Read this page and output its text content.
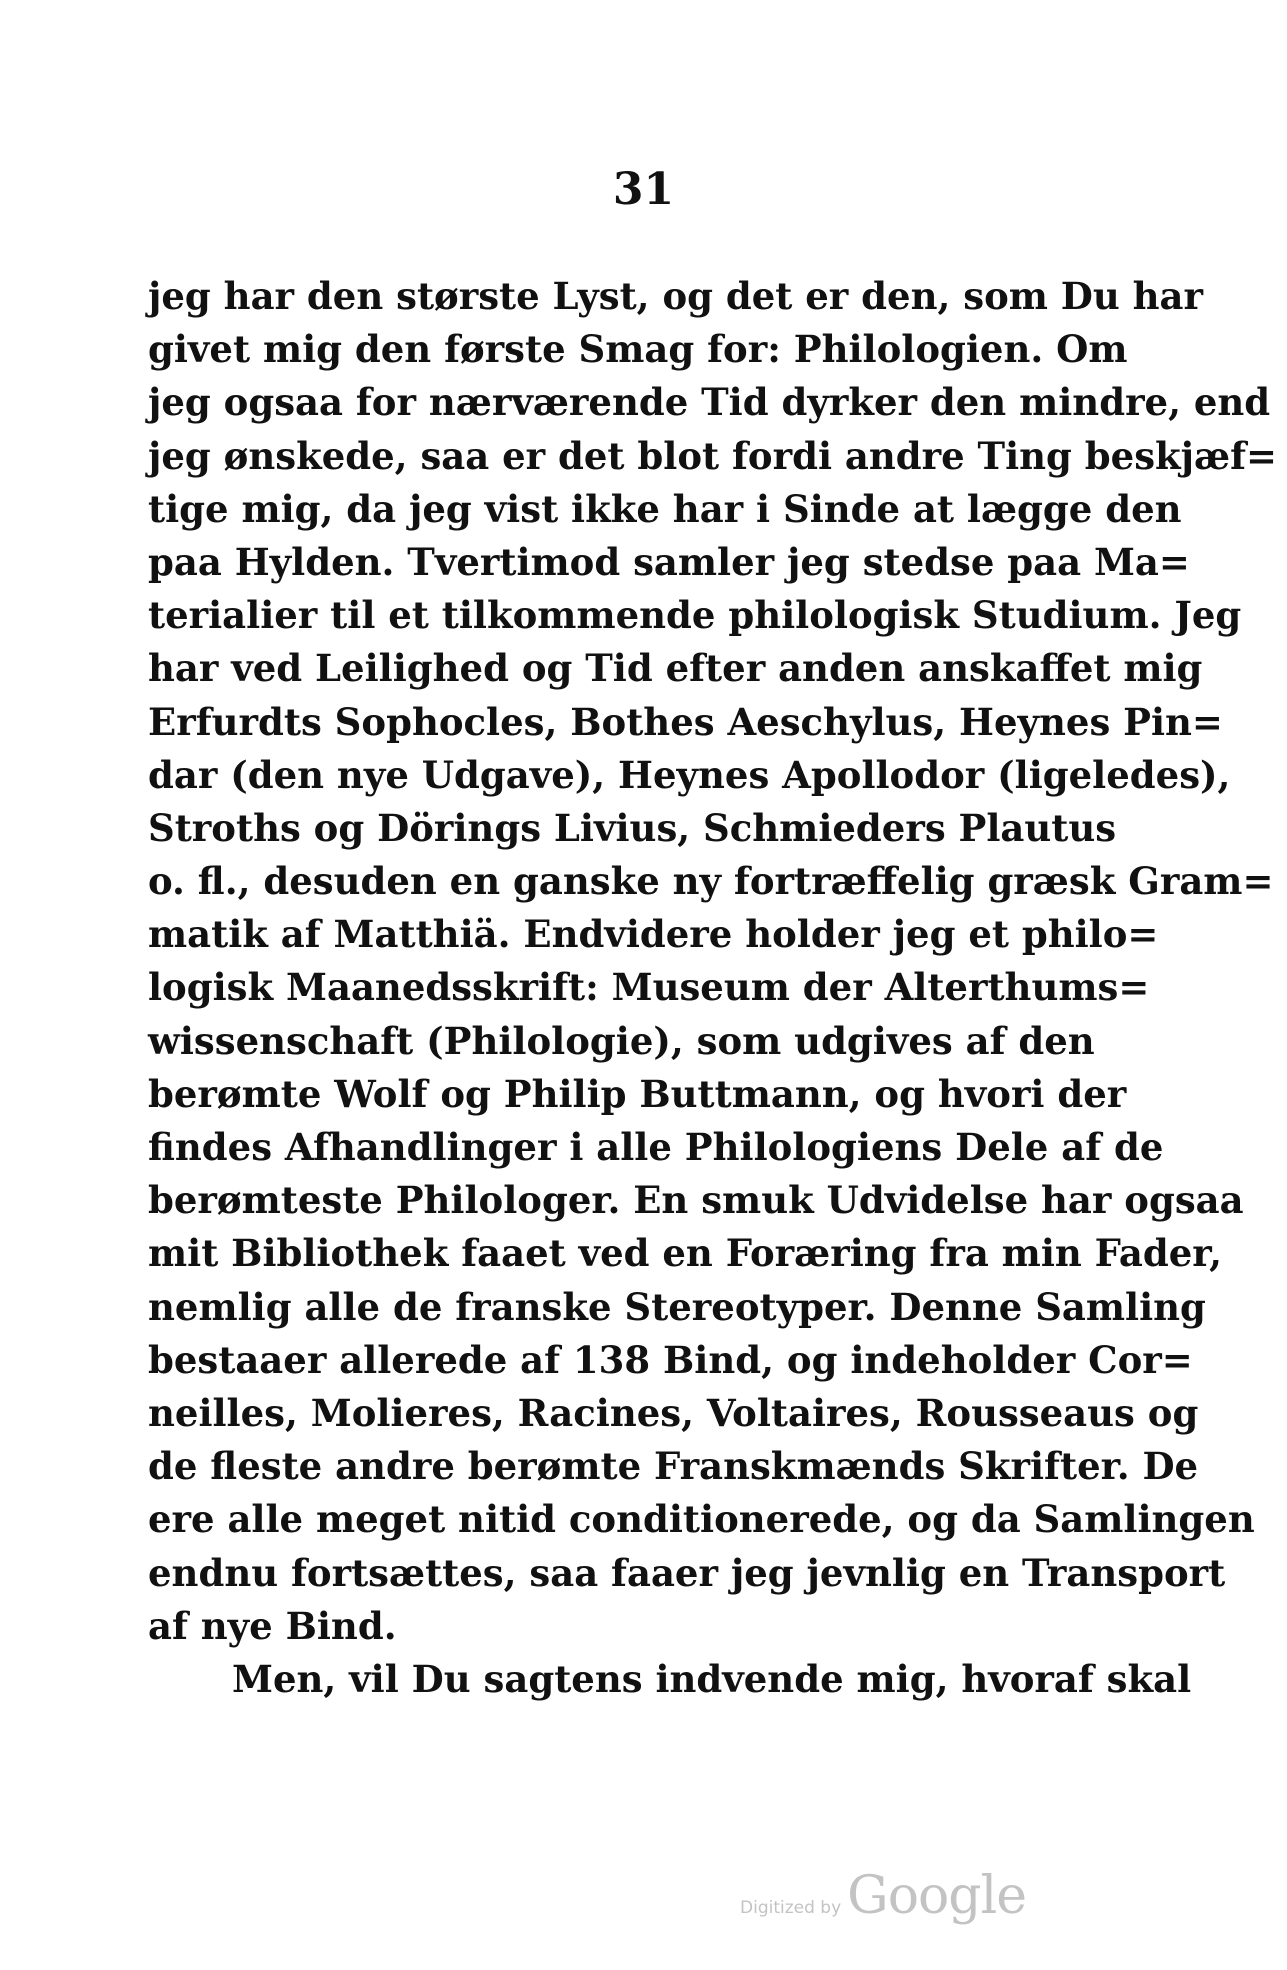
31
jeg har den største Lyst, og det er den, som Du har
givet mig den første Smag for: Philologien. Om
jeg ogsaa for nærværende Tid dyrker den mindre, end
jeg ønskede, saa er det blot fordi andre Ting beskjæf=
tige mig, da jeg vist ikke har i Sinde at lægge den
paa Hylden. Tvertimod samler jeg stedse paa Ma=
terialier til et tilkommende philologisk Studium. Jeg
har ved Leilighed og Tid efter anden anskaffet mig
Erfurdts Sophocles, Bothes Aeschylus, Heynes Pin=
dar (den nye Udgave), Heynes Apollodor (ligeledes),
Stroths og Dörings Livius, Schmieders Plautus
o. fl., desuden en ganske ny fortræffelig græsk Gram=
matik af Matthiä. Endvidere holder jeg et philo=
logisk Maanedsskrift: Museum der Alterthums=
wissenschaft (Philologie), som udgives af den
berømte Wolf og Philip Buttmann, og hvori der
findes Afhandlinger i alle Philologiens Dele af de
berømteste Philologer. En smuk Udvidelse har ogsaa
mit Bibliothek faaet ved en Foræring fra min Fader,
nemlig alle de franske Stereotyper. Denne Samling
bestaaer allerede af 138 Bind, og indeholder Cor=
neilles, Molieres, Racines, Voltaires, Rousseaus og
de fleste andre berømte Franskmænds Skrifter. De
ere alle meget nitid conditionerede, og da Samlingen
endnu fortsættes, saa faaer jeg jevnlig en Transport
af nye Bind.
Men, vil Du sagtens indvende mig, hvoraf skal
Digitized by Google
